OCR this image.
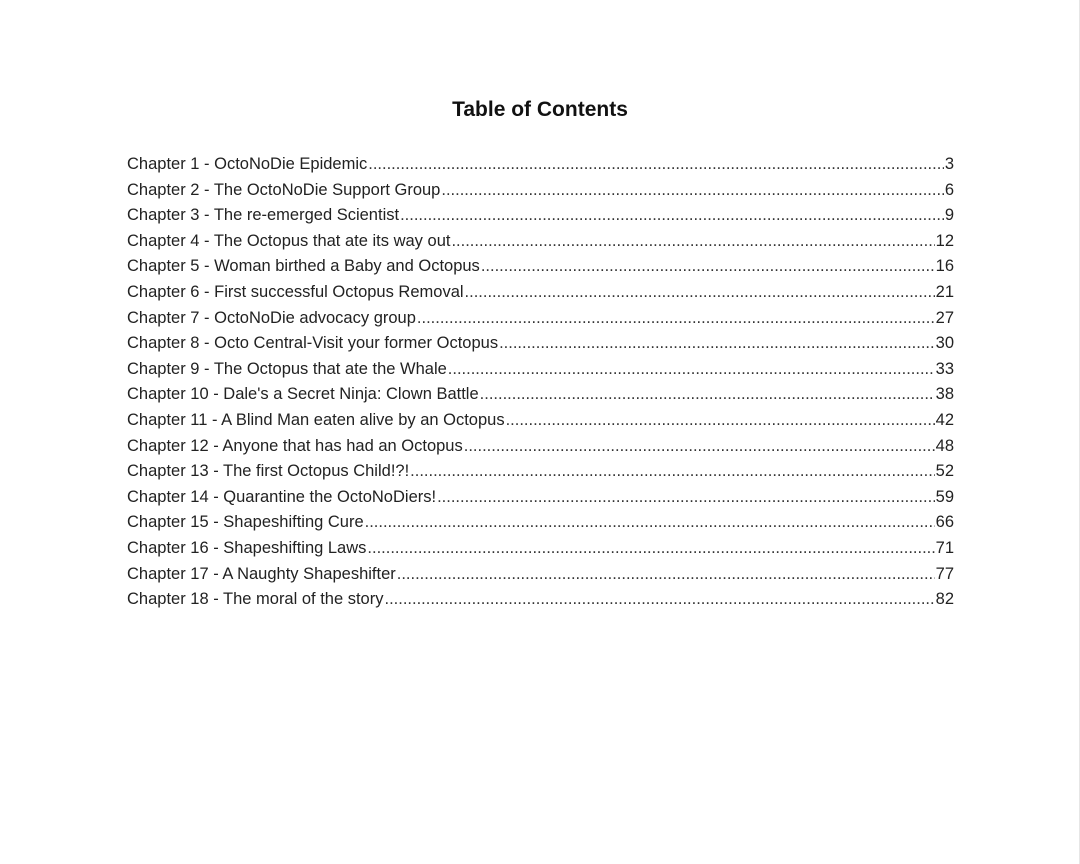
Table of Contents
Chapter 1 - OctoNoDie Epidemic .....	3
Chapter 2 - The OctoNoDie Support Group .....	6
Chapter 3 - The re-emerged Scientist .....	9
Chapter 4 - The Octopus that ate its way out .....	12
Chapter 5 - Woman birthed a Baby and Octopus .....	16
Chapter 6 - First successful Octopus Removal .....	21
Chapter 7 - OctoNoDie advocacy group .....	27
Chapter 8 - Octo Central-Visit your former Octopus .....	30
Chapter 9 - The Octopus that ate the Whale .....	33
Chapter 10 - Dale's a Secret Ninja: Clown Battle .....	38
Chapter 11 - A Blind Man eaten alive by an Octopus .....	42
Chapter 12 - Anyone that has had an Octopus .....	48
Chapter 13 - The first Octopus Child!?! .....	52
Chapter 14 - Quarantine the OctoNoDiers! .....	59
Chapter 15 - Shapeshifting Cure .....	66
Chapter 16 - Shapeshifting Laws .....	71
Chapter 17 - A Naughty Shapeshifter .....	77
Chapter 18 - The moral of the story .....	82
